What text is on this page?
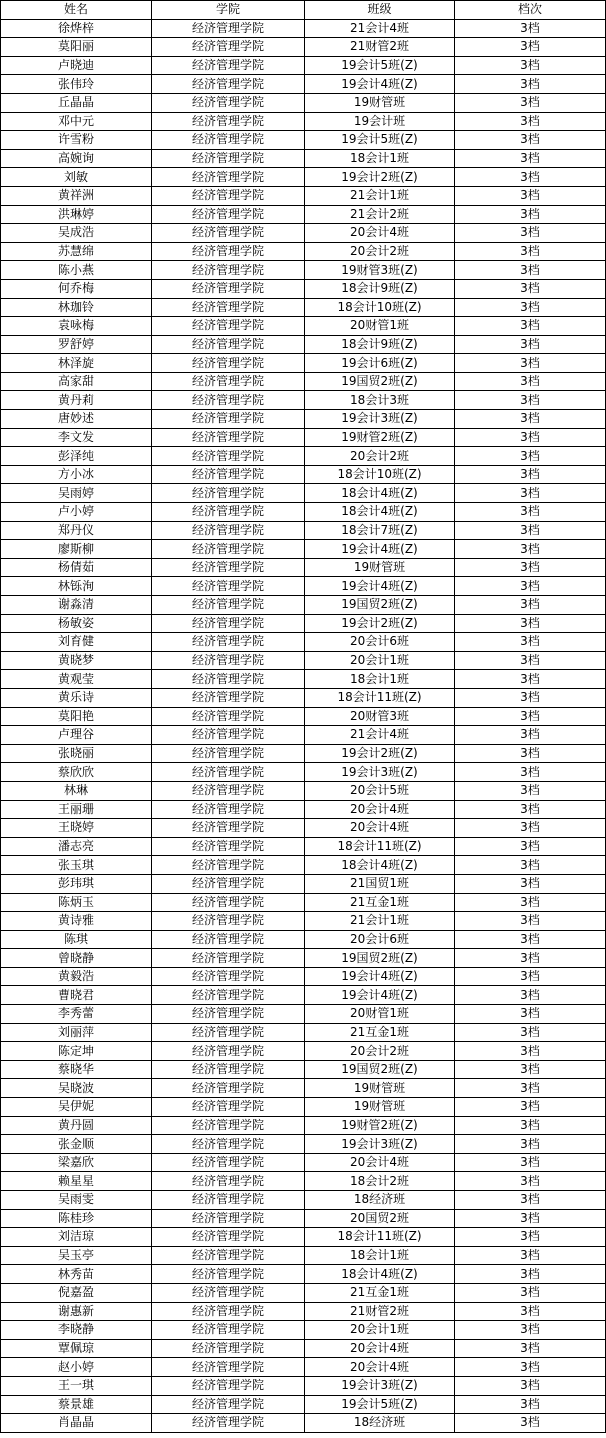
姓名	学院	班级	档次
徐烨梓	经济管理学院	21会计4班	3档
莫阳丽	经济管理学院	21财管2班	3档
卢晓迪	经济管理学院	19会计5班(Z)	3档
张伟玲	经济管理学院	19会计4班(Z)	3档
丘晶晶	经济管理学院	19财管班	3档
邓中元	经济管理学院	19会计班	3档
许雪粉	经济管理学院	19会计5班(Z)	3档
高婉询	经济管理学院	18会计1班	3档
刘敏	经济管理学院	19会计2班(Z)	3档
黄祥洲	经济管理学院	21会计1班	3档
洪琳婷	经济管理学院	21会计2班	3档
吴成浩	经济管理学院	20会计4班	3档
苏慧绵	经济管理学院	20会计2班	3档
陈小燕	经济管理学院	19财管3班(Z)	3档
何乔梅	经济管理学院	18会计9班(Z)	3档
林珈铃	经济管理学院	18会计10班(Z)	3档
袁咏梅	经济管理学院	20财管1班	3档
罗舒婷	经济管理学院	18会计9班(Z)	3档
林泽旋	经济管理学院	19会计6班(Z)	3档
高家甜	经济管理学院	19国贸2班(Z)	3档
黄丹莉	经济管理学院	18会计3班	3档
唐妙述	经济管理学院	19会计3班(Z)	3档
李文发	经济管理学院	19财管2班(Z)	3档
彭泽纯	经济管理学院	20会计2班	3档
方小冰	经济管理学院	18会计10班(Z)	3档
吴雨婷	经济管理学院	18会计4班(Z)	3档
卢小婷	经济管理学院	18会计4班(Z)	3档
郑丹仪	经济管理学院	18会计7班(Z)	3档
廖斯柳	经济管理学院	19会计4班(Z)	3档
杨倩茹	经济管理学院	19财管班	3档
林铄洵	经济管理学院	19会计4班(Z)	3档
谢淼清	经济管理学院	19国贸2班(Z)	3档
杨敏姿	经济管理学院	19会计2班(Z)	3档
刘育健	经济管理学院	20会计6班	3档
黄晓梦	经济管理学院	20会计1班	3档
黄观莹	经济管理学院	18会计1班	3档
黄乐诗	经济管理学院	18会计11班(Z)	3档
莫阳艳	经济管理学院	20财管3班	3档
卢理谷	经济管理学院	21会计4班	3档
张晓丽	经济管理学院	19会计2班(Z)	3档
蔡欣欣	经济管理学院	19会计3班(Z)	3档
林琳	经济管理学院	20会计5班	3档
王丽珊	经济管理学院	20会计4班	3档
王晓婷	经济管理学院	20会计4班	3档
潘志亮	经济管理学院	18会计11班(Z)	3档
张玉琪	经济管理学院	18会计4班(Z)	3档
彭玮琪	经济管理学院	21国贸1班	3档
陈炳玉	经济管理学院	21互金1班	3档
黄诗雅	经济管理学院	21会计1班	3档
陈琪	经济管理学院	20会计6班	3档
曾晓静	经济管理学院	19国贸2班(Z)	3档
黄毅浩	经济管理学院	19会计4班(Z)	3档
曹晓君	经济管理学院	19会计4班(Z)	3档
李秀蕾	经济管理学院	20财管1班	3档
刘丽萍	经济管理学院	21互金1班	3档
陈定坤	经济管理学院	20会计2班	3档
蔡晓华	经济管理学院	19国贸2班(Z)	3档
吴晓波	经济管理学院	19财管班	3档
吴伊妮	经济管理学院	19财管班	3档
黄丹圆	经济管理学院	19财管2班(Z)	3档
张金顺	经济管理学院	19会计3班(Z)	3档
梁嘉欣	经济管理学院	20会计4班	3档
赖星星	经济管理学院	18会计2班	3档
吴雨雯	经济管理学院	18经济班	3档
陈桂珍	经济管理学院	20国贸2班	3档
刘洁琼	经济管理学院	18会计11班(Z)	3档
吴玉亭	经济管理学院	18会计1班	3档
林秀苗	经济管理学院	18会计4班(Z)	3档
倪嘉盈	经济管理学院	21互金1班	3档
谢惠新	经济管理学院	21财管2班	3档
李晓静	经济管理学院	20会计1班	3档
覃佩琼	经济管理学院	20会计4班	3档
赵小婷	经济管理学院	20会计4班	3档
王一琪	经济管理学院	19会计3班(Z)	3档
蔡景雄	经济管理学院	19会计5班(Z)	3档
肖晶晶	经济管理学院	18经济班	3档
